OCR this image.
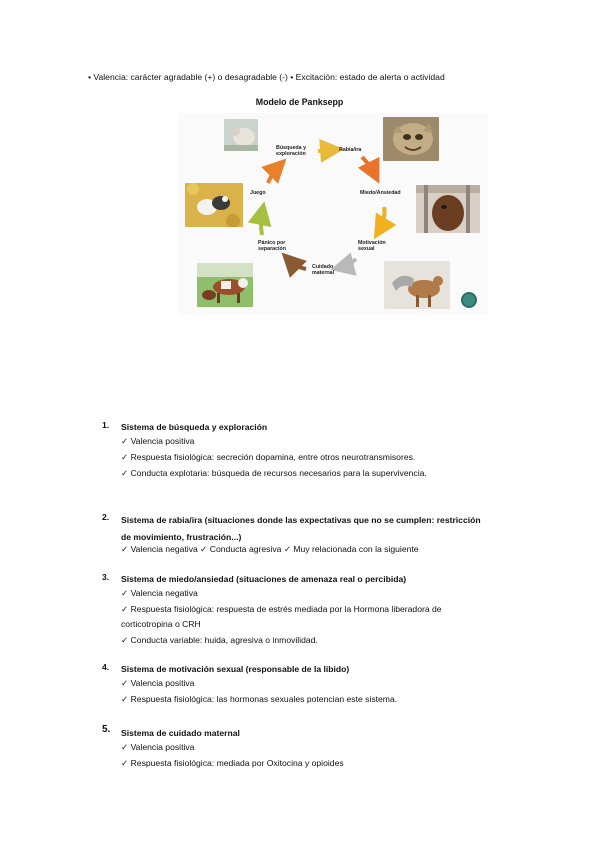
• Valencia: carácter agradable (+) o desagradable (-) • Excitación: estado de alerta o actividad
Modelo de Panksepp
Búsqueda y
exploración
Rabia/ira
Miedo/Ansiedad
Motivación
sexual
Cuidado
maternal
Pánico por
separación
Juego
1. Sistema de búsqueda y exploración
✓ Valencia positiva
✓ Respuesta fisiológica: secreción dopamina, entre otros neurotransmisores.
✓ Conducta explotaria: búsqueda de recursos necesarios para la supervivencia.
2. Sistema de rabia/ira (situaciones donde las expectativas que no se cumplen: restricción de movimiento, frustración...)
✓ Valencia negativa ✓ Conducta agresiva ✓ Muy relacionada con la siguiente
3. Sistema de miedo/ansiedad (situaciones de amenaza real o percibida)
✓ Valencia negativa
✓ Respuesta fisiológica: respuesta de estrés mediada por la Hormona liberadora de
corticotropina o CRH
✓ Conducta variable: huida, agresiva o inmovilidad.
4. Sistema de motivación sexual (responsable de la libido)
✓ Valencia positiva
✓ Respuesta fisiológica: las hormonas sexuales potencian este sistema.
5. Sistema de cuidado maternal
✓ Valencia positiva
✓ Respuesta fisiológica: mediada por Oxitocina y opioides
